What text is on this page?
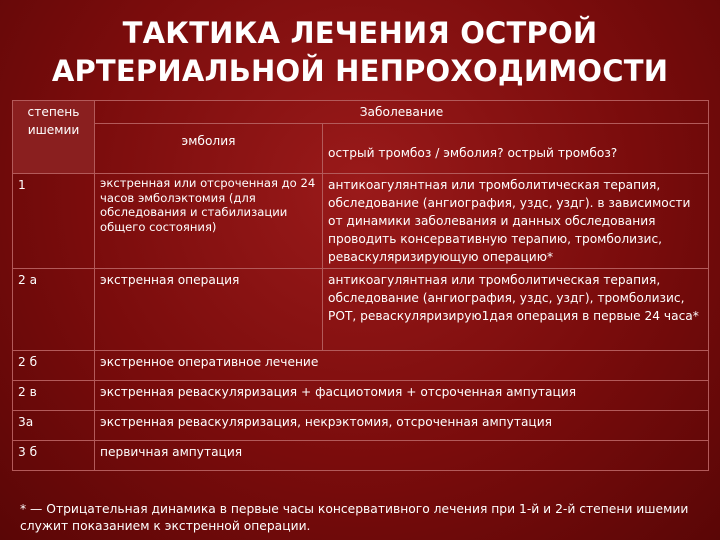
ТАКТИКА ЛЕЧЕНИЯ ОСТРОЙ
АРТЕРИАЛЬНОЙ НЕПРОХОДИМОСТИ
степень
ишемии	Заболевание	
	эмболия	острый тромбоз / эмболия? острый тромбоз?
1	экстренная или отсроченная до 24 часов эмболэктомия (для обследования и стабилизации общего состояния)	антикоагулянтная или тромболитическая терапия, обследование (ангиография, уздс, уздг). в зависимости от динамики заболевания и данных обследования проводить консервативную терапию, тромболизис, реваскуляризирующую операцию*
2 а	экстренная операция	антикоагулянтная или тромболитическая терапия, обследование (ангиография, уздс, уздг), тромболизис, РОТ, реваскуляризирую1дая операция в первые 24 часа*
2 б	экстренное оперативное лечение	
2 в	экстренная реваскуляризация + фасциотомия + отсроченная ампутация	
3а	экстренная реваскуляризация, некрэктомия, отсроченная ампутация	
3 б	первичная ампутация	
* — Отрицательная динамика в первые часы консервативного лечения при 1-й и 2-й степени ишемии служит показанием к экстренной операции.
